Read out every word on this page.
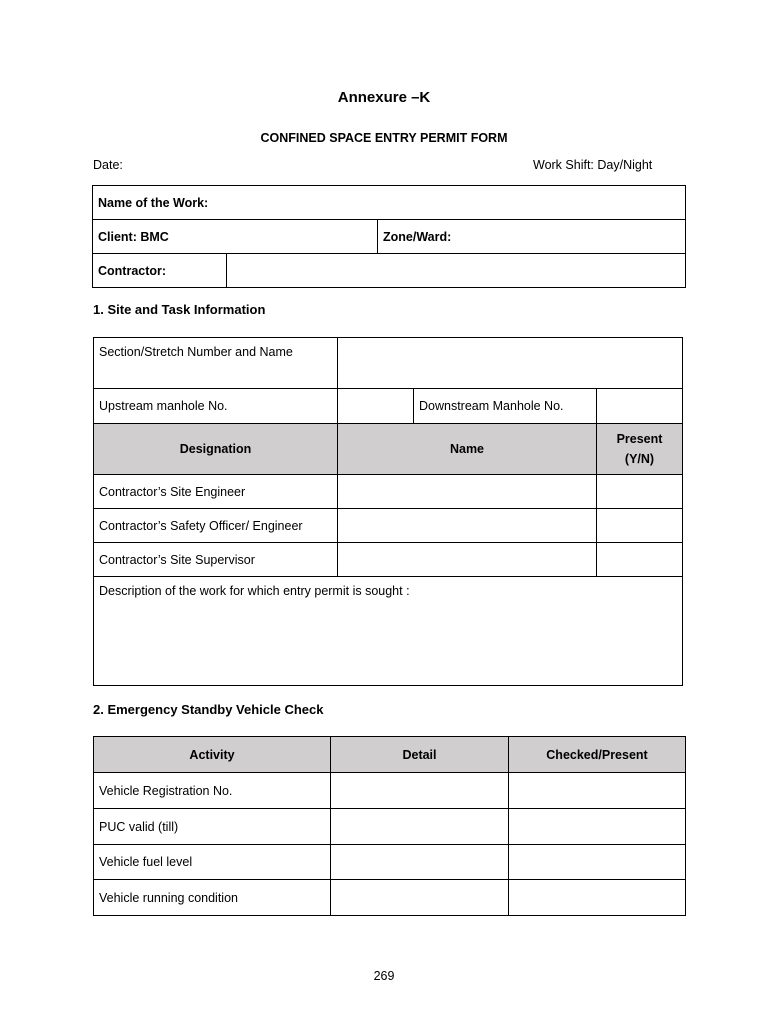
Annexure –K
CONFINED SPACE ENTRY PERMIT FORM
Date:	Work Shift: Day/Night
Name of the Work:		
Client: BMC		Zone/Ward:
Contractor:		
1. Site and Task Information
Section/Stretch Number and Name			
Upstream manhole No.		Downstream Manhole No.	
Designation	Name		Present (Y/N)
Contractor’s Site Engineer			
Contractor’s Safety Officer/ Engineer			
Contractor’s Site Supervisor			
Description of the work for which entry permit is sought :			
2. Emergency Standby Vehicle Check
Activity	Detail	Checked/Present
Vehicle Registration No.		
PUC valid (till)		
Vehicle fuel level		
Vehicle running condition		
269
